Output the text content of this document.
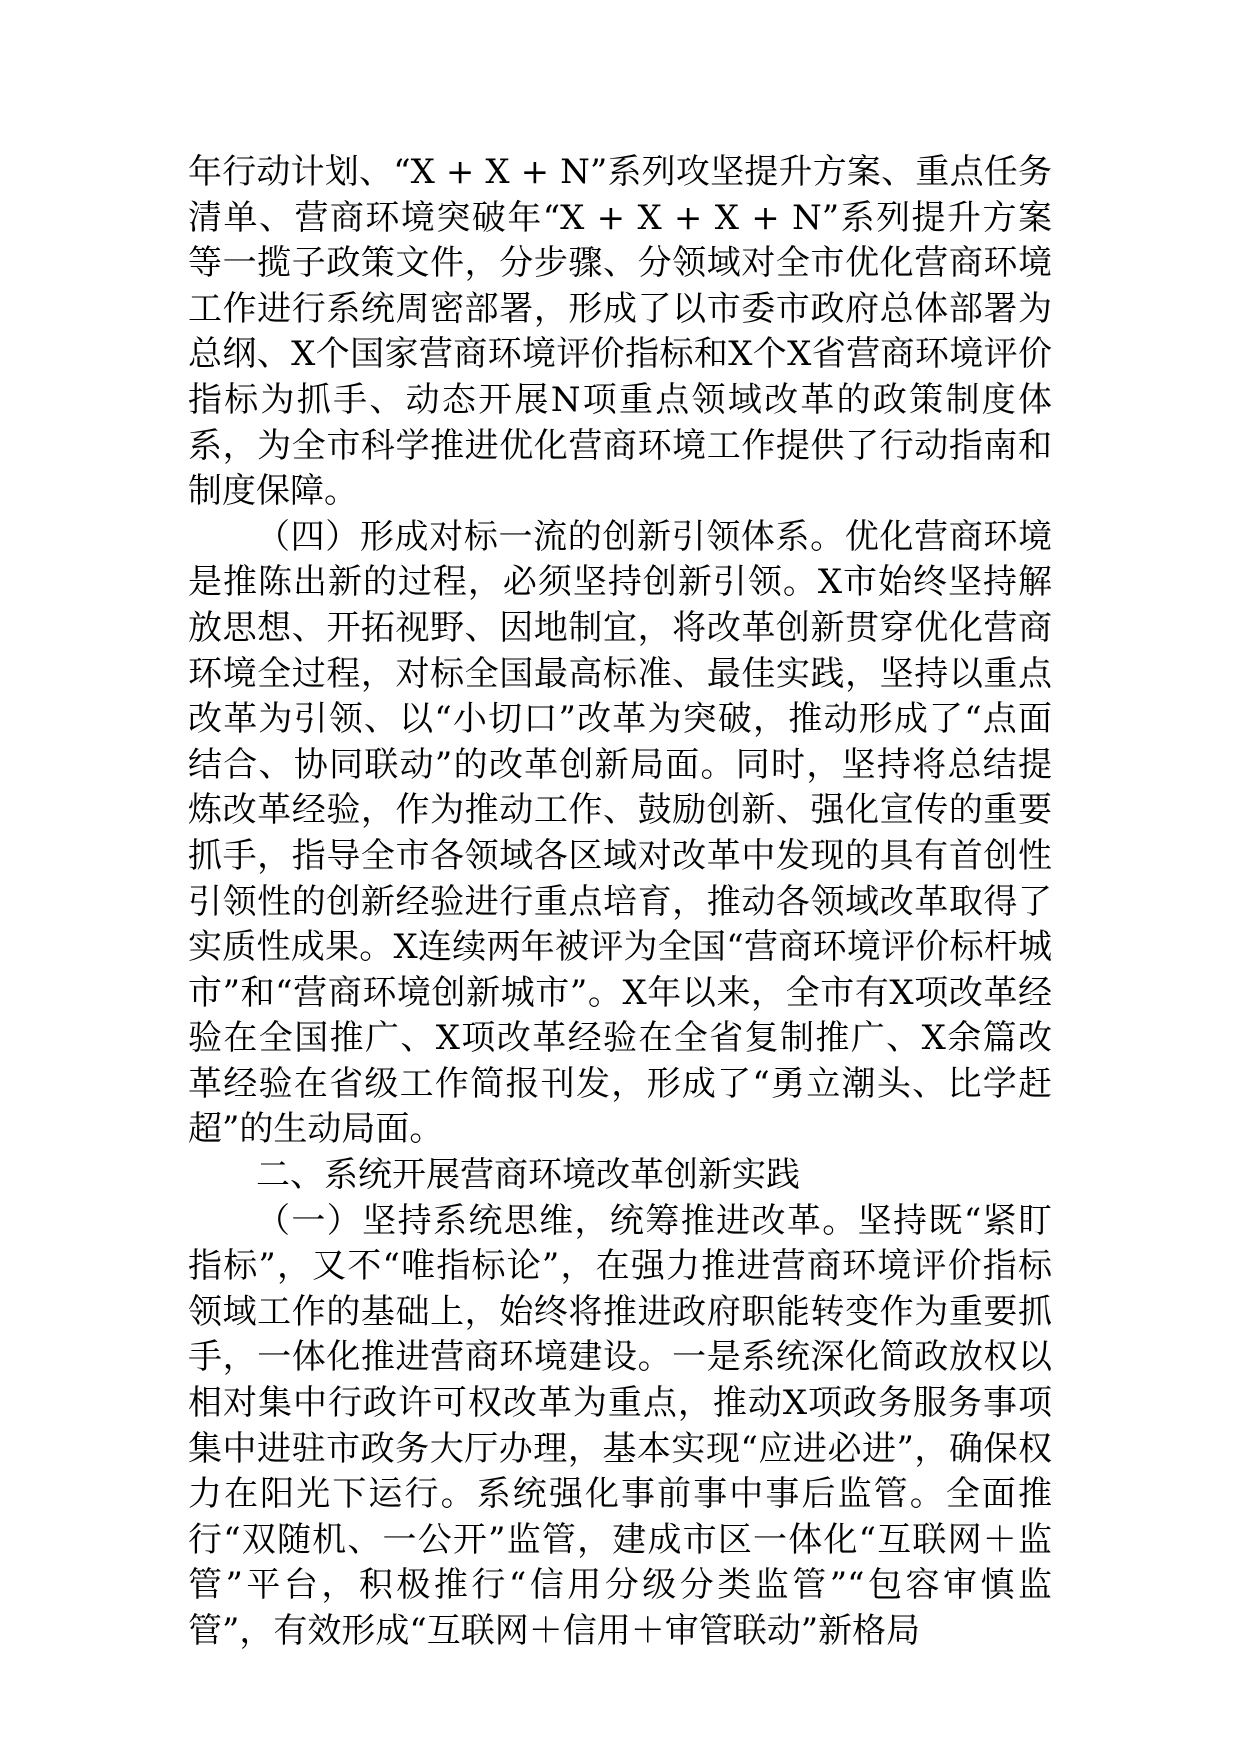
年行动计划、“X + X + N”系列攻坚提升方案、重点任务清单、营商环境突破年“X + X + X + N”系列提升方案等一揽子政策文件，分步骤、分领域对全市优化营商环境工作进行系统周密部署，形成了以市委市政府总体部署为总纲、X个国家营商环境评价指标和X个X省营商环境评价指标为抓手、动态开展N项重点领域改革的政策制度体系，为全市科学推进优化营商环境工作提供了行动指南和制度保障。

（四）形成对标一流的创新引领体系。优化营商环境是推陈出新的过程，必须坚持创新引领。X市始终坚持解放思想、开拓视野、因地制宜，将改革创新贯穿优化营商环境全过程，对标全国最高标准、最佳实践，坚持以重点改革为引领、以“小切口”改革为突破，推动形成了“点面结合、协同联动”的改革创新局面。同时，坚持将总结提炼改革经验，作为推动工作、鼓励创新、强化宣传的重要抓手，指导全市各领域各区域对改革中发现的具有首创性引领性的创新经验进行重点培育，推动各领域改革取得了实质性成果。X连续两年被评为全国“营商环境评价标杆城市”和“营商环境创新城市”。X年以来，全市有X项改革经验在全国推广、X项改革经验在全省复制推广、X余篇改革经验在省级工作简报刊发，形成了“勇立潮头、比学赶超”的生动局面。

二、系统开展营商环境改革创新实践

（一）坚持系统思维，统筹推进改革。坚持既“紧盯指标”，又不“唯指标论”，在强力推进营商环境评价指标领域工作的基础上，始终将推进政府职能转变作为重要抓手，一体化推进营商环境建设。一是系统深化简政放权以相对集中行政许可权改革为重点，推动X项政务服务事项集中进驻市政务大厅办理，基本实现“应进必进”，确保权力在阳光下运行。系统强化事前事中事后监管。全面推行“双随机、一公开”监管，建成市区一体化“互联网＋监管”平台，积极推行“信用分级分类监管”“包容审慎监管”，有效形成“互联网＋信用＋审管联动”新格局
